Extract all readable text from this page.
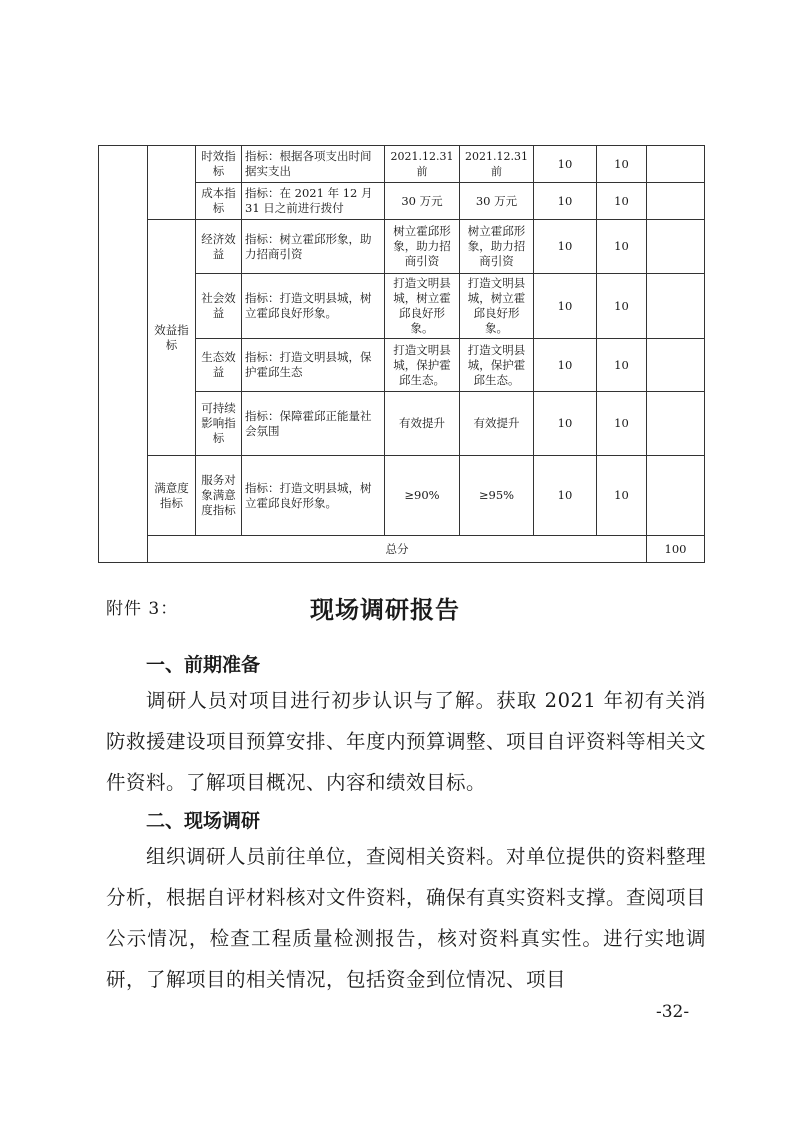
		时效指标	指标：根据各项支出时间据实支出	2021.12.31前	2021.12.31前	10	10		
		成本指标	指标：在 2021 年 12 月 31 日之前进行拨付	30 万元	30 万元	10	10		
	效益指标	经济效益	指标：树立霍邱形象，助力招商引资	树立霍邱形象，助力招商引资	树立霍邱形象，助力招商引资	10	10		
		社会效益	指标：打造文明县城，树立霍邱良好形象。	打造文明县城，树立霍邱良好形象。	打造文明县城，树立霍邱良好形象。	10	10		
		生态效益	指标：打造文明县城，保护霍邱生态	打造文明县城，保护霍邱生态。	打造文明县城，保护霍邱生态。	10	10		
		可持续影响指标	指标：保障霍邱正能量社会氛围	有效提升	有效提升	10	10		
	满意度指标	服务对象满意度指标	指标：打造文明县城，树立霍邱良好形象。	≥90%	≥95%	10	10		
	总分							100		
附件 3：	现场调研报告
一、前期准备
调研人员对项目进行初步认识与了解。获取 2021 年初有关消防救援建设项目预算安排、年度内预算调整、项目自评资料等相关文件资料。了解项目概况、内容和绩效目标。
二、现场调研
组织调研人员前往单位，查阅相关资料。对单位提供的资料整理分析，根据自评材料核对文件资料，确保有真实资料支撑。查阅项目公示情况，检查工程质量检测报告，核对资料真实性。进行实地调研，了解项目的相关情况，包括资金到位情况、项目
-32-
